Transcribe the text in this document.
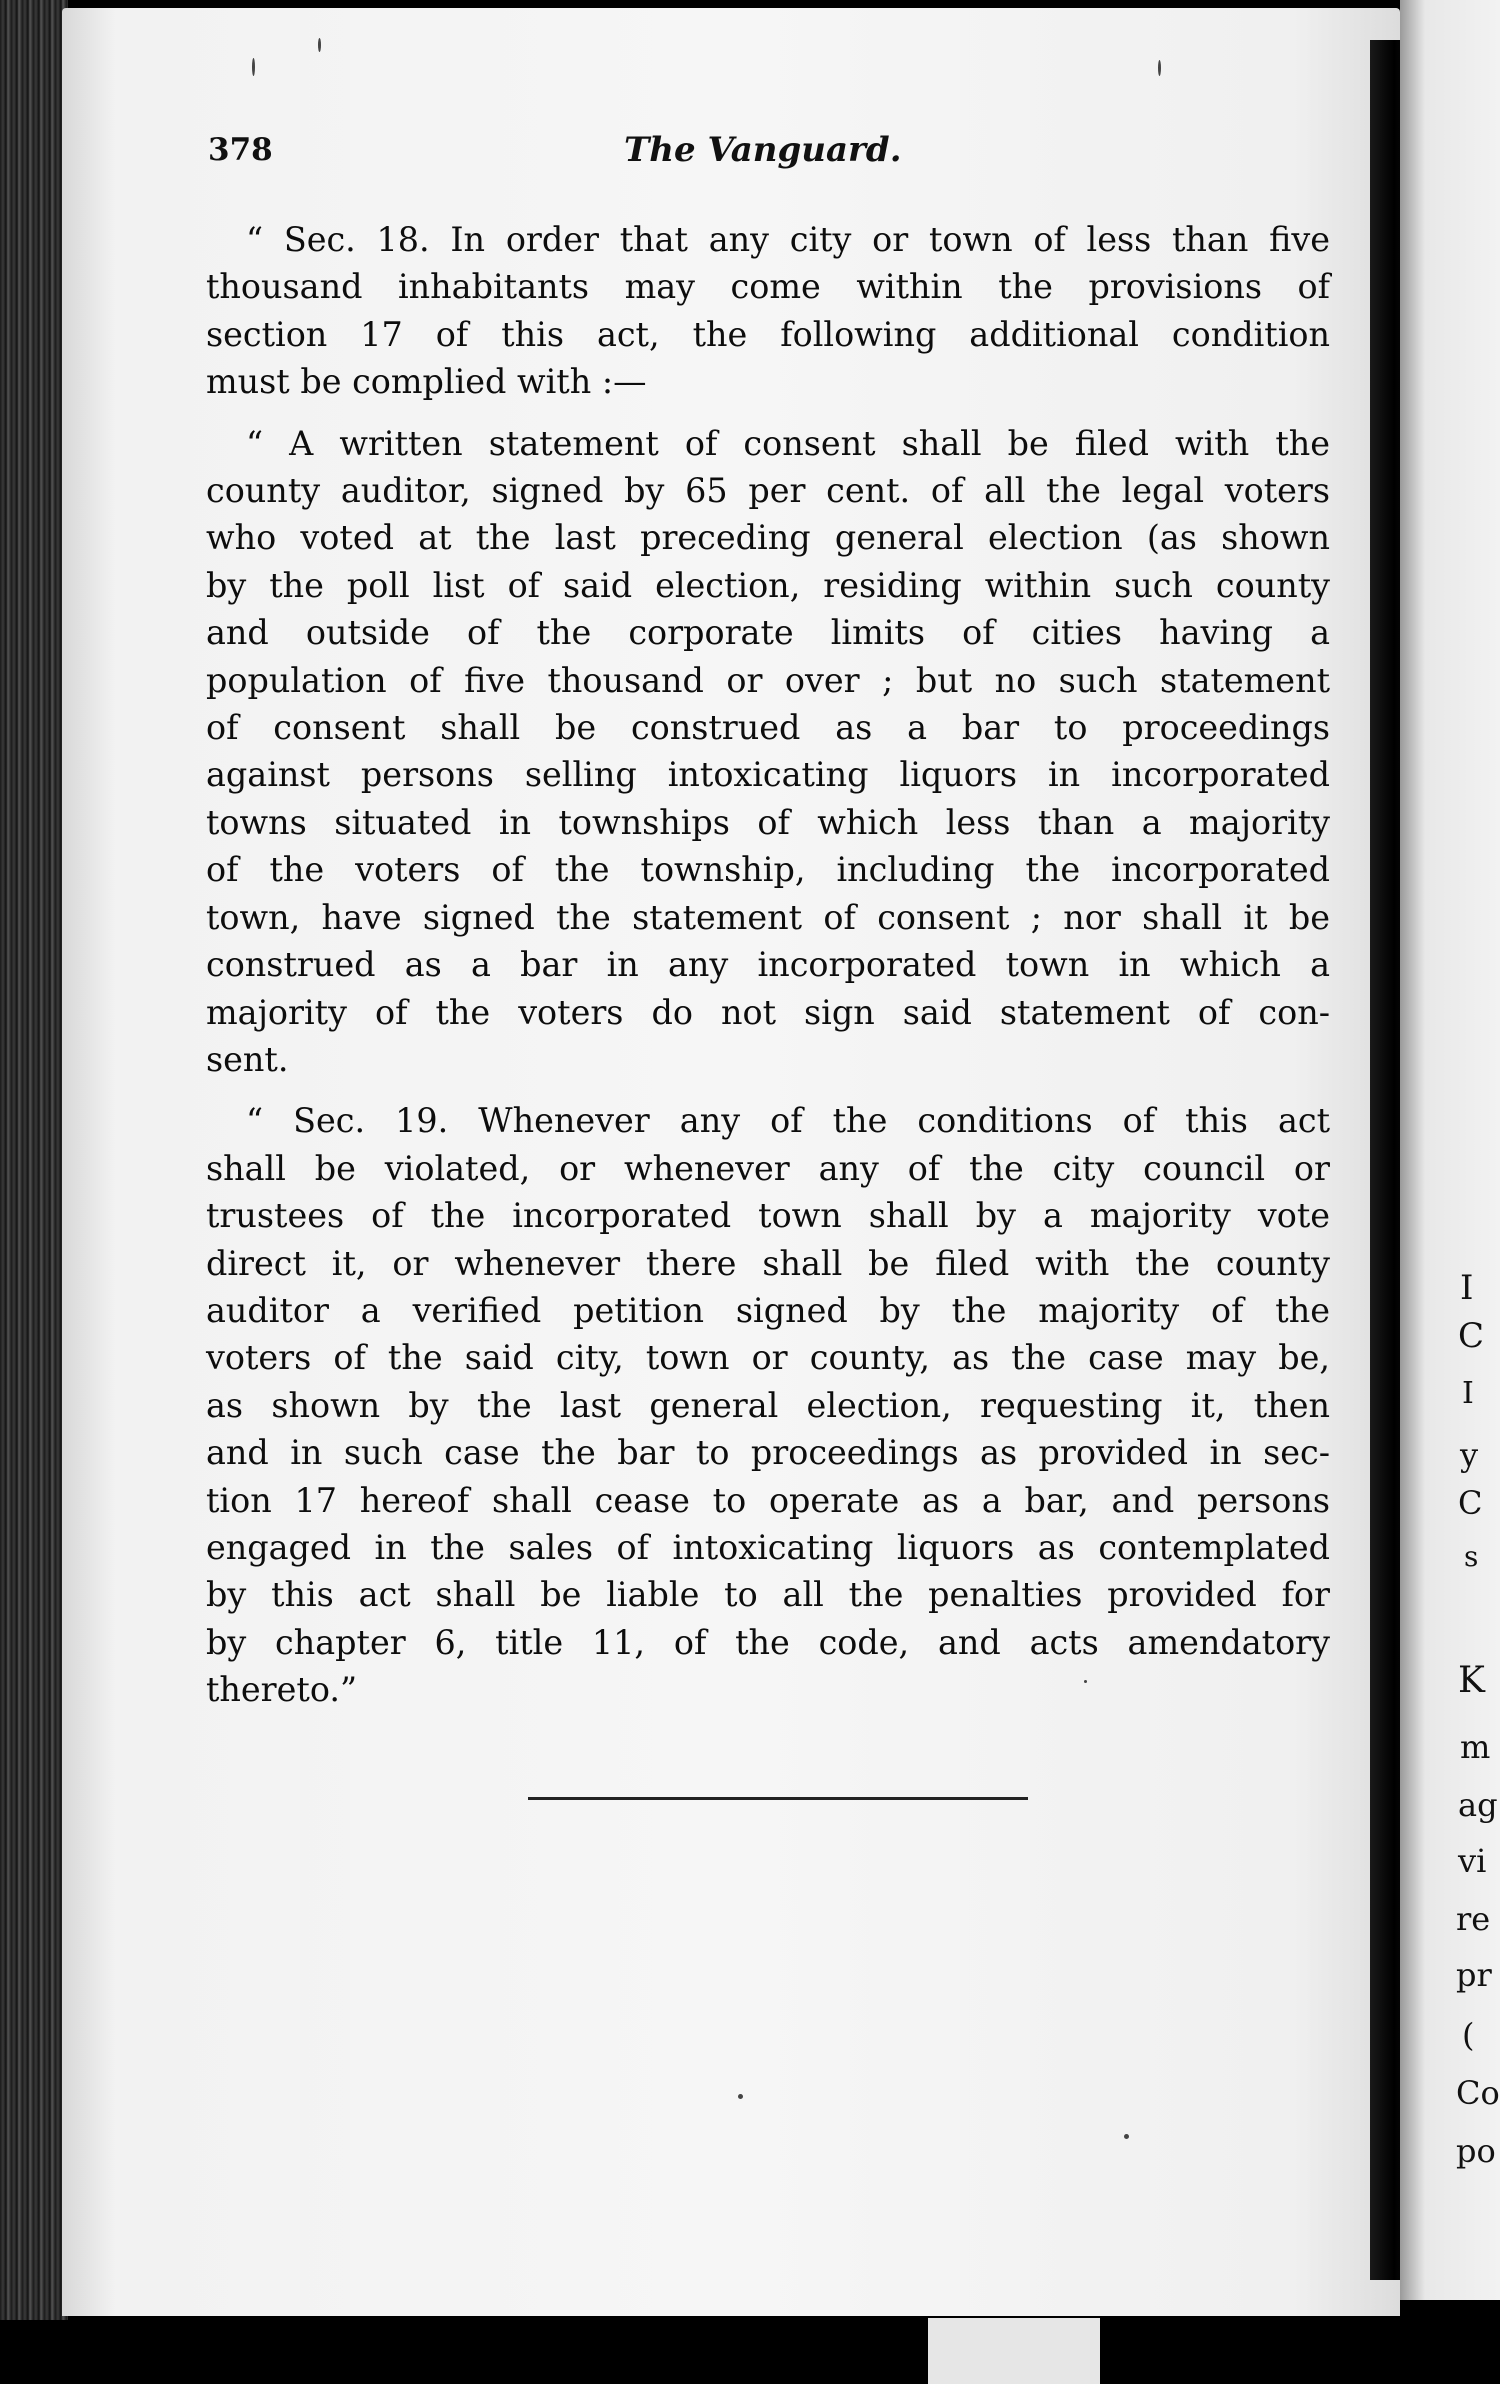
I
C
I
y
C
s
K
m
ag
vi
re
pr
(
Co
po
378	The Vanguard.
“ Sec. 18. In order that any city or town of less than five
thousand inhabitants may come within the provisions of
section 17 of this act, the following additional condition
must be complied with :—
“ A written statement of consent shall be filed with the
county auditor, signed by 65 per cent. of all the legal voters
who voted at the last preceding general election (as shown
by the poll list of said election, residing within such county
and outside of the corporate limits of cities having a
population of five thousand or over ; but no such statement
of consent shall be construed as a bar to proceedings
against persons selling intoxicating liquors in incorporated
towns situated in townships of which less than a majority
of the voters of the township, including the incorporated
town, have signed the statement of consent ; nor shall it be
construed as a bar in any incorporated town in which a
majority of the voters do not sign said statement of con-
sent.
“ Sec. 19. Whenever any of the conditions of this act
shall be violated, or whenever any of the city council or
trustees of the incorporated town shall by a majority vote
direct it, or whenever there shall be filed with the county
auditor a verified petition signed by the majority of the
voters of the said city, town or county, as the case may be,
as shown by the last general election, requesting it, then
and in such case the bar to proceedings as provided in sec-
tion 17 hereof shall cease to operate as a bar, and persons
engaged in the sales of intoxicating liquors as contemplated
by this act shall be liable to all the penalties provided for
by chapter 6, title 11, of the code, and acts amendatory
thereto.”
